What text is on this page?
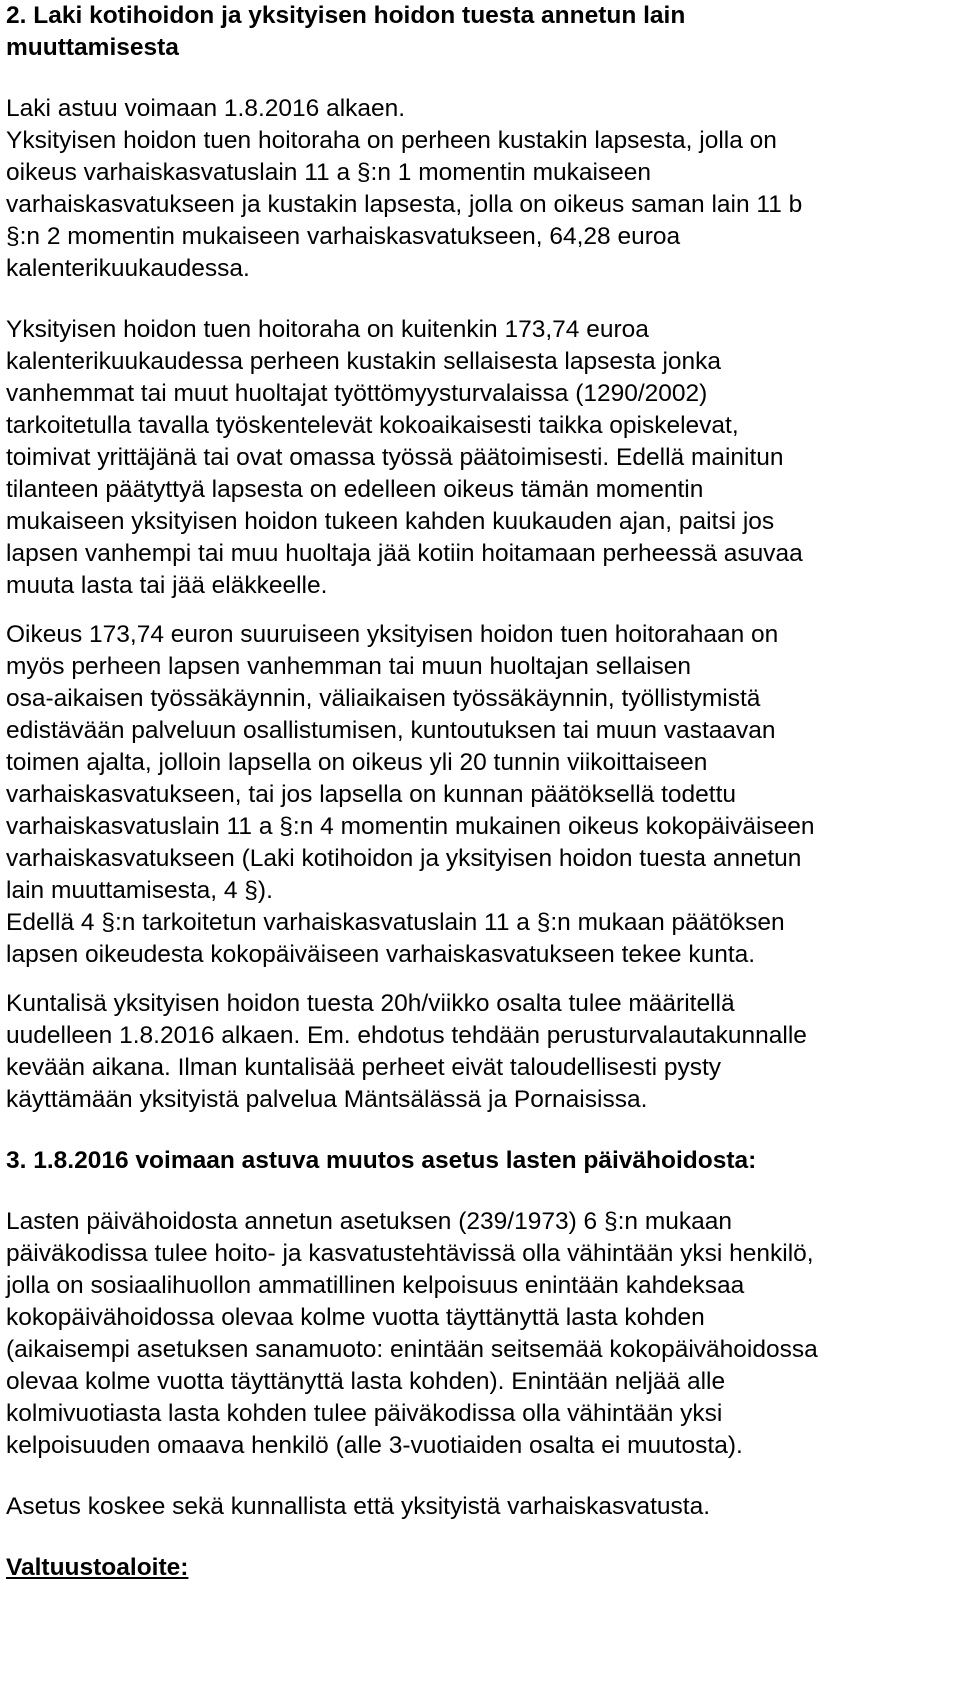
2. Laki kotihoidon ja yksityisen hoidon tuesta annetun lain
muuttamisesta
Laki astuu voimaan 1.8.2016 alkaen.
Yksityisen hoidon tuen hoitoraha on perheen kustakin lapsesta, jolla on
oikeus varhaiskasvatuslain 11 a §:n 1 momentin mukaiseen
varhaiskasvatukseen ja kustakin lapsesta, jolla on oikeus saman lain 11 b
§:n 2 momentin mukaiseen varhaiskasvatukseen, 64,28 euroa
kalenterikuukaudessa.
Yksityisen hoidon tuen hoitoraha on kuitenkin 173,74 euroa
kalenterikuukaudessa perheen kustakin sellaisesta lapsesta jonka
vanhemmat tai muut huoltajat työttömyysturvalaissa (1290/2002)
tarkoitetulla tavalla työskentelevät kokoaikaisesti taikka opiskelevat,
toimivat yrittäjänä tai ovat omassa työssä päätoimisesti. Edellä mainitun
tilanteen päätyttyä lapsesta on edelleen oikeus tämän momentin
mukaiseen yksityisen hoidon tukeen kahden kuukauden ajan, paitsi jos
lapsen vanhempi tai muu huoltaja jää kotiin hoitamaan perheessä asuvaa
muuta lasta tai jää eläkkeelle.
Oikeus 173,74 euron suuruiseen yksityisen hoidon tuen hoitorahaan on
myös perheen lapsen vanhemman tai muun huoltajan sellaisen
osa-aikaisen työssäkäynnin, väliaikaisen työssäkäynnin, työllistymistä
edistävään palveluun osallistumisen, kuntoutuksen tai muun vastaavan
toimen ajalta, jolloin lapsella on oikeus yli 20 tunnin viikoittaiseen
varhaiskasvatukseen, tai jos lapsella on kunnan päätöksellä todettu
varhaiskasvatuslain 11 a §:n 4 momentin mukainen oikeus kokopäiväiseen
varhaiskasvatukseen (Laki kotihoidon ja yksityisen hoidon tuesta annetun
lain muuttamisesta, 4 §).
Edellä 4 §:n tarkoitetun varhaiskasvatuslain 11 a §:n mukaan päätöksen
lapsen oikeudesta kokopäiväiseen varhaiskasvatukseen tekee kunta.
Kuntalisä yksityisen hoidon tuesta 20h/viikko osalta tulee määritellä
uudelleen 1.8.2016 alkaen. Em. ehdotus tehdään perusturvalautakunnalle
kevään aikana. Ilman kuntalisää perheet eivät taloudellisesti pysty
käyttämään yksityistä palvelua Mäntsälässä ja Pornaisissa.
3. 1.8.2016 voimaan astuva muutos asetus lasten päivähoidosta:
Lasten päivähoidosta annetun asetuksen (239/1973) 6 §:n mukaan
päiväkodissa tulee hoito- ja kasvatustehtävissä olla vähintään yksi henkilö,
jolla on sosiaalihuollon ammatillinen kelpoisuus enintään kahdeksaa
kokopäivähoidossa olevaa kolme vuotta täyttänyttä lasta kohden
(aikaisempi asetuksen sanamuoto: enintään seitsemää kokopäivähoidossa
olevaa kolme vuotta täyttänyttä lasta kohden). Enintään neljää alle
kolmivuotiasta lasta kohden tulee päiväkodissa olla vähintään yksi
kelpoisuuden omaava henkilö (alle 3-vuotiaiden osalta ei muutosta).
Asetus koskee sekä kunnallista että yksityistä varhaiskasvatusta.
Valtuustoaloite:
